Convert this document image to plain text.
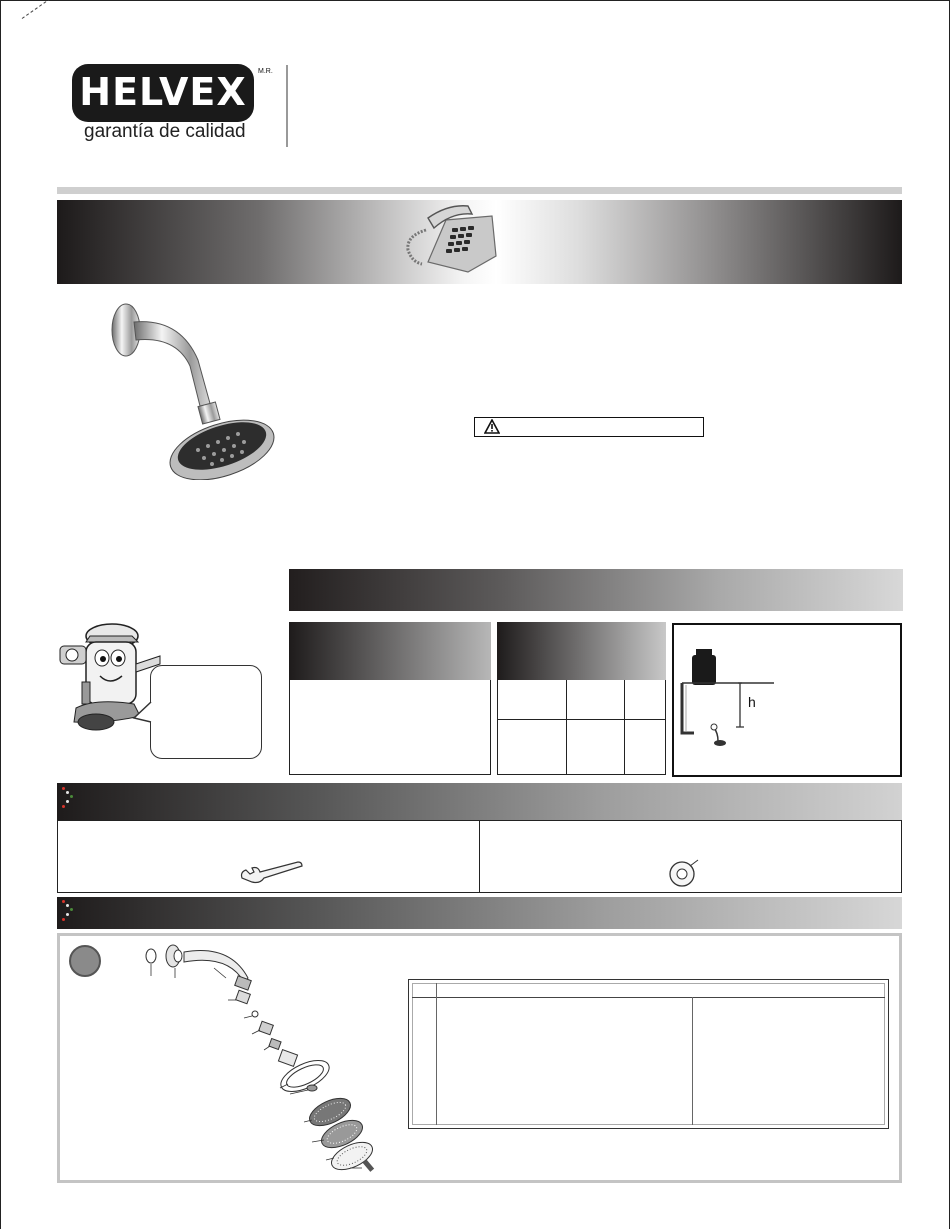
HELVEX	M.R.
garantía de calidad
h
